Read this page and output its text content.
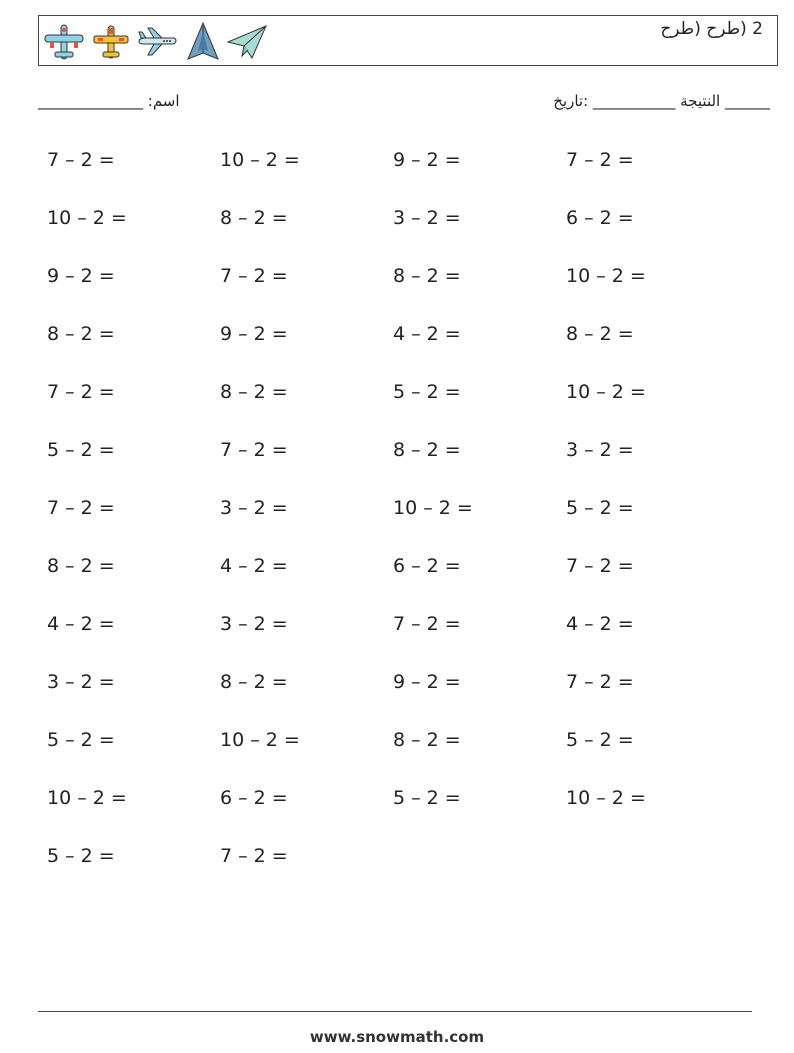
2 (طرح (طرح
______________ :اسم	النتيجة ___________ :تاريخ ______
7 – 2 =	10 – 2 =	9 – 2 =	7 – 2 =
10 – 2 =	8 – 2 =	3 – 2 =	6 – 2 =
9 – 2 =	7 – 2 =	8 – 2 =	10 – 2 =
8 – 2 =	9 – 2 =	4 – 2 =	8 – 2 =
7 – 2 =	8 – 2 =	5 – 2 =	10 – 2 =
5 – 2 =	7 – 2 =	8 – 2 =	3 – 2 =
7 – 2 =	3 – 2 =	10 – 2 =	5 – 2 =
8 – 2 =	4 – 2 =	6 – 2 =	7 – 2 =
4 – 2 =	3 – 2 =	7 – 2 =	4 – 2 =
3 – 2 =	8 – 2 =	9 – 2 =	7 – 2 =
5 – 2 =	10 – 2 =	8 – 2 =	5 – 2 =
10 – 2 =	6 – 2 =	5 – 2 =	10 – 2 =
5 – 2 =	7 – 2 =
www.snowmath.com
